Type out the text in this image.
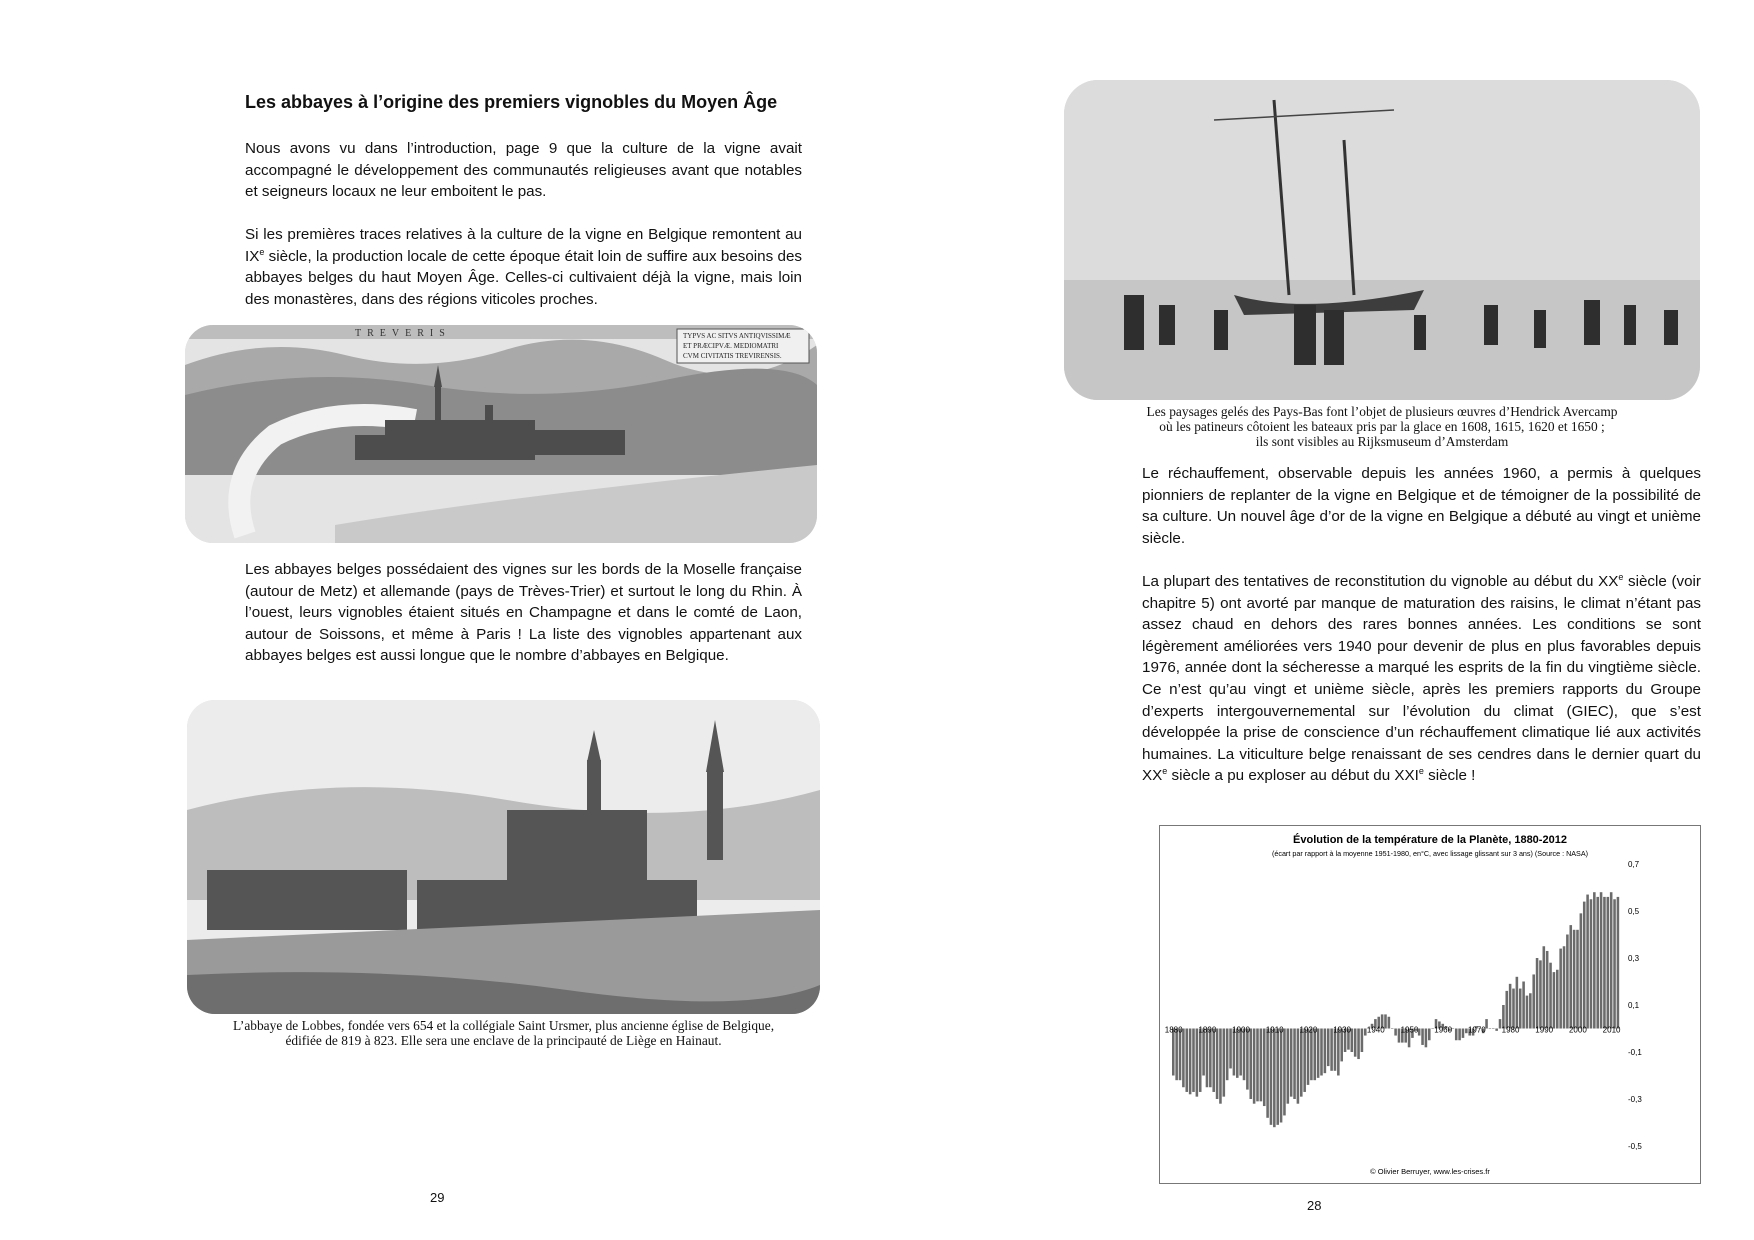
Les abbayes à l’origine des premiers vignobles du Moyen Âge
Nous avons vu dans l’introduction, page 9 que la culture de la vigne avait accompagné le développement des communautés religieuses avant que notables et seigneurs locaux ne leur emboitent le pas.
Si les premières traces relatives à la culture de la vigne en Belgique remontent au IXe siècle, la production locale de cette époque était loin de suffire aux besoins des abbayes belges du haut Moyen Âge. Celles-ci cultivaient déjà la vigne, mais loin des monastères, dans des régions viticoles proches.
TREVERIS	TYPVS AC SITVS ANTIQVISSIMÆ
ET PRÆCIPVÆ. MEDIOMATRI
CVM CIVITATIS TREVIRENSIS.
Les abbayes belges possédaient des vignes sur les bords de la Moselle française (autour de Metz) et allemande (pays de Trèves-Trier) et surtout le long du Rhin. À l’ouest, leurs vignobles étaient situés en Champagne et dans le comté de Laon, autour de Soissons, et même à Paris ! La liste des vignobles appartenant aux abbayes belges est aussi longue que le nombre d’abbayes en Belgique.
L’abbaye de Lobbes, fondée vers 654 et la collégiale Saint Ursmer, plus ancienne église de Belgique,
édifiée de 819 à 823. Elle sera une enclave de la principauté de Liège en Hainaut.
29
Les paysages gelés des Pays-Bas font l’objet de plusieurs œuvres d’Hendrick Avercamp
où les patineurs côtoient les bateaux pris par la glace en 1608, 1615, 1620 et 1650 ;
ils sont visibles au Rijksmuseum d’Amsterdam
Le réchauffement, observable depuis les années 1960, a permis à quelques pionniers de replanter de la vigne en Belgique et de témoigner de la possibilité de sa culture. Un nouvel âge d’or de la vigne en Belgique a débuté au vingt et unième siècle.
La plupart des tentatives de reconstitution du vignoble au début du XXe siècle (voir chapitre 5) ont avorté par manque de maturation des raisins, le climat n’étant pas assez chaud en dehors des rares bonnes années. Les conditions se sont légèrement améliorées vers 1940 pour devenir de plus en plus favorables depuis 1976, année dont la sécheresse a marqué les esprits de la fin du vingtième siècle. Ce n’est qu’au vingt et unième siècle, après les premiers rapports du Groupe d’experts intergouvernemental sur l’évolution du climat (GIEC), que s’est développée la prise de conscience d’un réchauffement climatique lié aux activités humaines. La viticulture belge renaissant de ses cendres dans le dernier quart du XXe siècle a pu exploser au début du XXIe siècle !
28
Évolution de la température de la Planète, 1880-2012
(écart par rapport à la moyenne 1951-1980, en°C, avec lissage glissant sur 3 ans) (Source : NASA)
1880 1890 1900 1910 1920 1930 1940 1950 1960 1970 1980 1990 2000 2010
0,7
0,5
0,3
0,1
-0,1
-0,3
-0,5
© Olivier Berruyer, www.les-crises.fr
